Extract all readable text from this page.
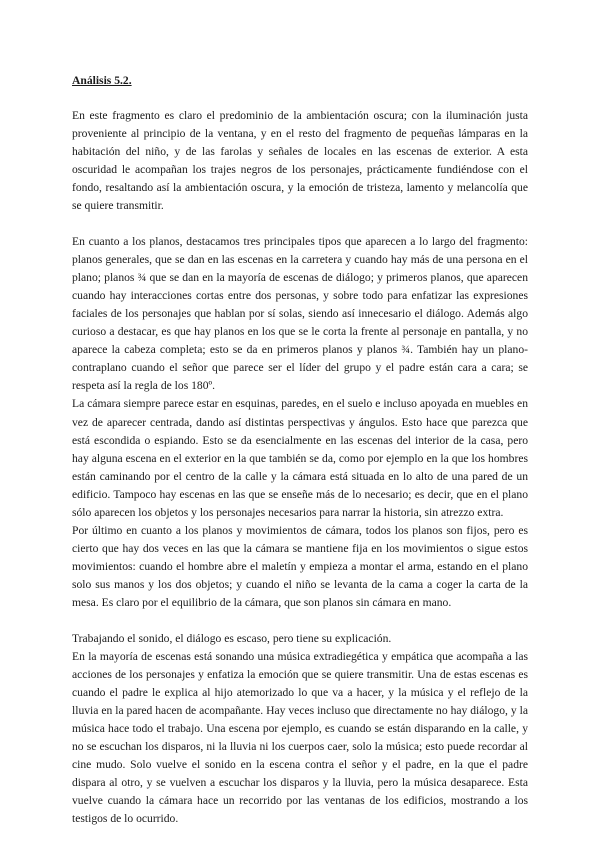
Análisis 5.2.

En este fragmento es claro el predominio de la ambientación oscura; con la iluminación justa proveniente al principio de la ventana, y en el resto del fragmento de pequeñas lámparas en la habitación del niño, y de las farolas y señales de locales en las escenas de exterior. A esta oscuridad le acompañan los trajes negros de los personajes, prácticamente fundiéndose con el fondo, resaltando así la ambientación oscura, y la emoción de tristeza, lamento y melancolía que se quiere transmitir.

En cuanto a los planos, destacamos tres principales tipos que aparecen a lo largo del fragmento: planos generales, que se dan en las escenas en la carretera y cuando hay más de una persona en el plano; planos ¾ que se dan en la mayoría de escenas de diálogo; y primeros planos, que aparecen cuando hay interacciones cortas entre dos personas, y sobre todo para enfatizar las expresiones faciales de los personajes que hablan por sí solas, siendo así innecesario el diálogo. Además algo curioso a destacar, es que hay planos en los que se le corta la frente al personaje en pantalla, y no aparece la cabeza completa; esto se da en primeros planos y planos ¾. También hay un plano-contraplano cuando el señor que parece ser el líder del grupo y el padre están cara a cara; se respeta así la regla de los 180º.

La cámara siempre parece estar en esquinas, paredes, en el suelo e incluso apoyada en muebles en vez de aparecer centrada, dando así distintas perspectivas y ángulos. Esto hace que parezca que está escondida o espiando. Esto se da esencialmente en las escenas del interior de la casa, pero hay alguna escena en el exterior en la que también se da, como por ejemplo en la que los hombres están caminando por el centro de la calle y la cámara está situada en lo alto de una pared de un edificio. Tampoco hay escenas en las que se enseñe más de lo necesario; es decir, que en el plano sólo aparecen los objetos y los personajes necesarios para narrar la historia, sin atrezzo extra.

Por último en cuanto a los planos y movimientos de cámara, todos los planos son fijos, pero es cierto que hay dos veces en las que la cámara se mantiene fija en los movimientos o sigue estos movimientos: cuando el hombre abre el maletín y empieza a montar el arma, estando en el plano solo sus manos y los dos objetos; y cuando el niño se levanta de la cama a coger la carta de la mesa. Es claro por el equilibrio de la cámara, que son planos sin cámara en mano.

Trabajando el sonido, el diálogo es escaso, pero tiene su explicación.

En la mayoría de escenas está sonando una música extradiegética y empática que acompaña a las acciones de los personajes y enfatiza la emoción que se quiere transmitir. Una de estas escenas es cuando el padre le explica al hijo atemorizado lo que va a hacer, y la música y el reflejo de la lluvia en la pared hacen de acompañante. Hay veces incluso que directamente no hay diálogo, y la música hace todo el trabajo. Una escena por ejemplo, es cuando se están disparando en la calle, y no se escuchan los disparos, ni la lluvia ni los cuerpos caer, solo la música; esto puede recordar al cine mudo. Solo vuelve el sonido en la escena contra el señor y el padre, en la que el padre dispara al otro, y se vuelven a escuchar los disparos y la lluvia, pero la música desaparece. Esta vuelve cuando la cámara hace un recorrido por las ventanas de los edificios, mostrando a los testigos de lo ocurrido.
